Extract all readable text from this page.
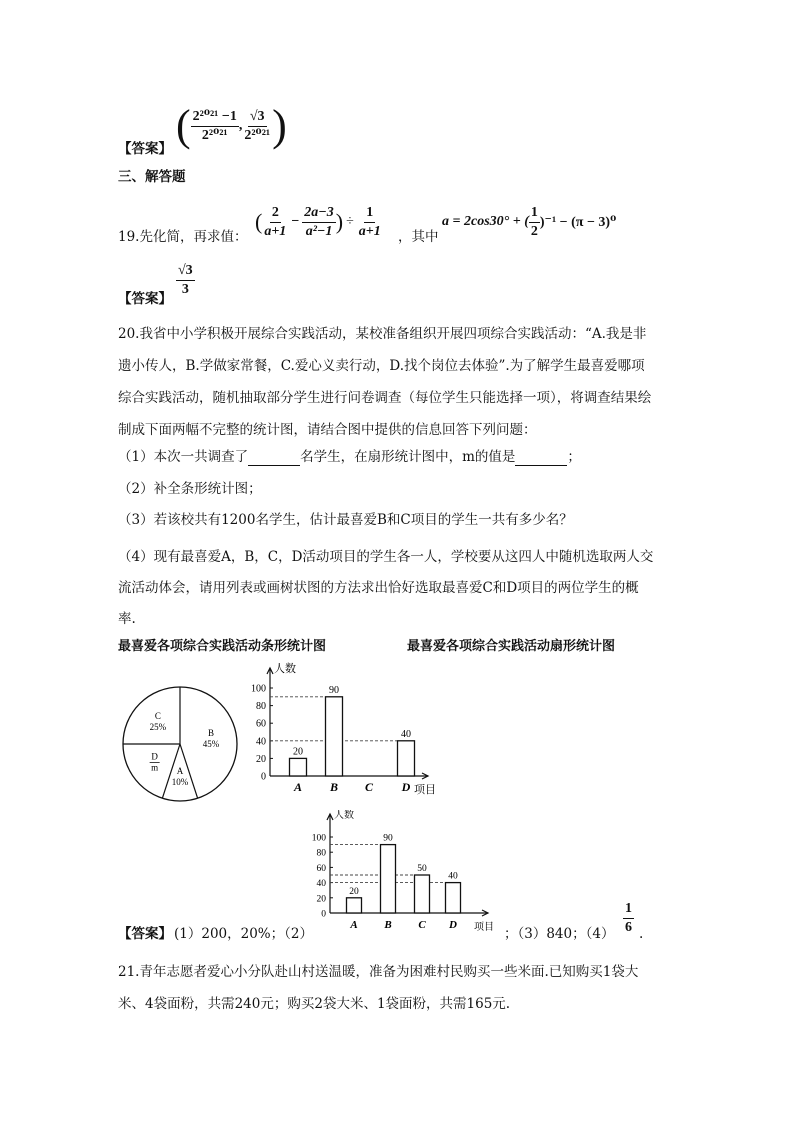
【答案】 ( $\frac{\text{2²⁰²¹ −1}}{\text{2²⁰²¹}}$ , $\frac{√3}{\text{2²⁰²¹}}$ )
三、解答题
19.先化简，再求值：
( $\frac{2}{a+1} - \frac{2a-3}{\text{a²−1}}$ ) ÷ $\frac{1}{a+1}$ ，其中
a = 2cos30° + ( $\frac{1}{2} )^{-1} - (\pi - 3)^0$
【答案】 $\frac{√3}{3}$
20.我省中小学积极开展综合实践活动，某校准备组织开展四项综合实践活动：“A.我是非
遗小传人，B.学做家常餐，C.爱心义卖行动，D.找个岗位去体验”.为了解学生最喜爱哪项
综合实践活动，随机抽取部分学生进行问卷调查（每位学生只能选择一项），将调查结果绘
制成下面两幅不完整的统计图，请结合图中提供的信息回答下列问题：
（1）本次一共调查了	名学生，在扇形统计图中，m的值是	；
（2）补全条形统计图；
（3）若该校共有1200名学生，估计最喜爱B和C项目的学生一共有多少名？
（4）现有最喜爱A，B，C，D活动项目的学生各一人，学校要从这四人中随机选取两人交
流活动体会，请用列表或画树状图的方法求出恰好选取最喜爱C和D项目的两位学生的概
率.
最喜爱各项综合实践活动条形统计图	最喜爱各项综合实践活动扇形统计图
B
45%
A
10%
D
m
C
25%
人数
项目
0
20
40
60
80
100
20
A
90
B C
40
D
【答案】 (1）200，20%；（2）
人数
项目
0
20
40
60
80
100
20
A
90
B
50
C
40
D
；（3）840；$(4) \frac{1}{6}$ .
21.青年志愿者爱心小分队赴山村送温暖，准备为困难村民购买一些米面.已知购买1袋大
米、4袋面粉，共需240元；购买2袋大米、1袋面粉，共需165元.
